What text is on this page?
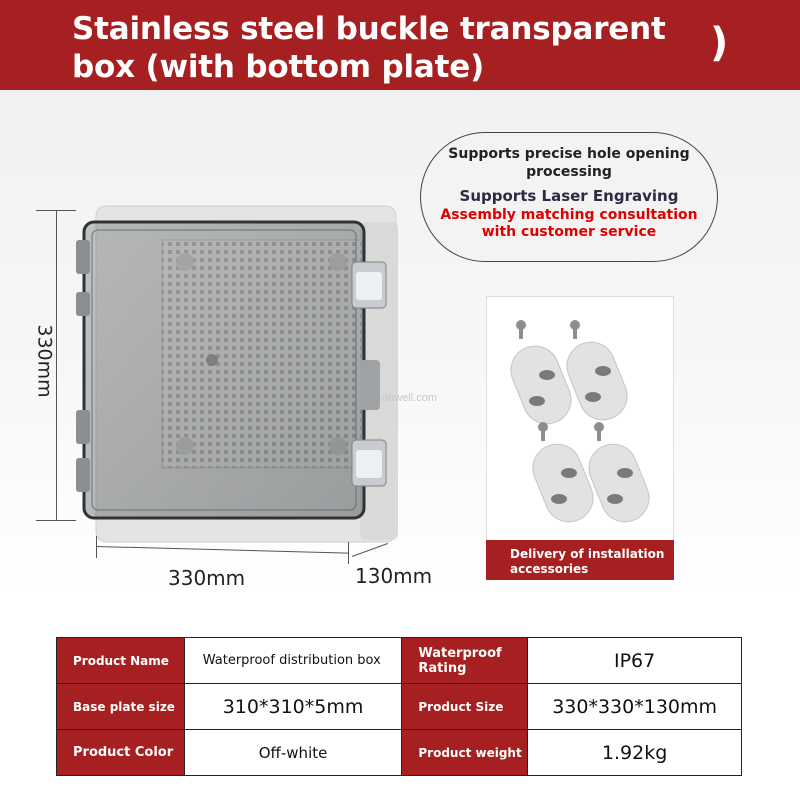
Stainless steel buckle transparent box (with bottom plate)
)
330mm
330mm	130mm
anwell.com
Supports precise hole opening processing
Supports Laser Engraving
Assembly matching consultation with customer service
Delivery of installation accessories
Product Name	Waterproof distribution box	Waterproof Rating	IP67
Base plate size	310*310*5mm	Product Size	330*330*130mm
Product Color	Off-white	Product weight	1.92kg
